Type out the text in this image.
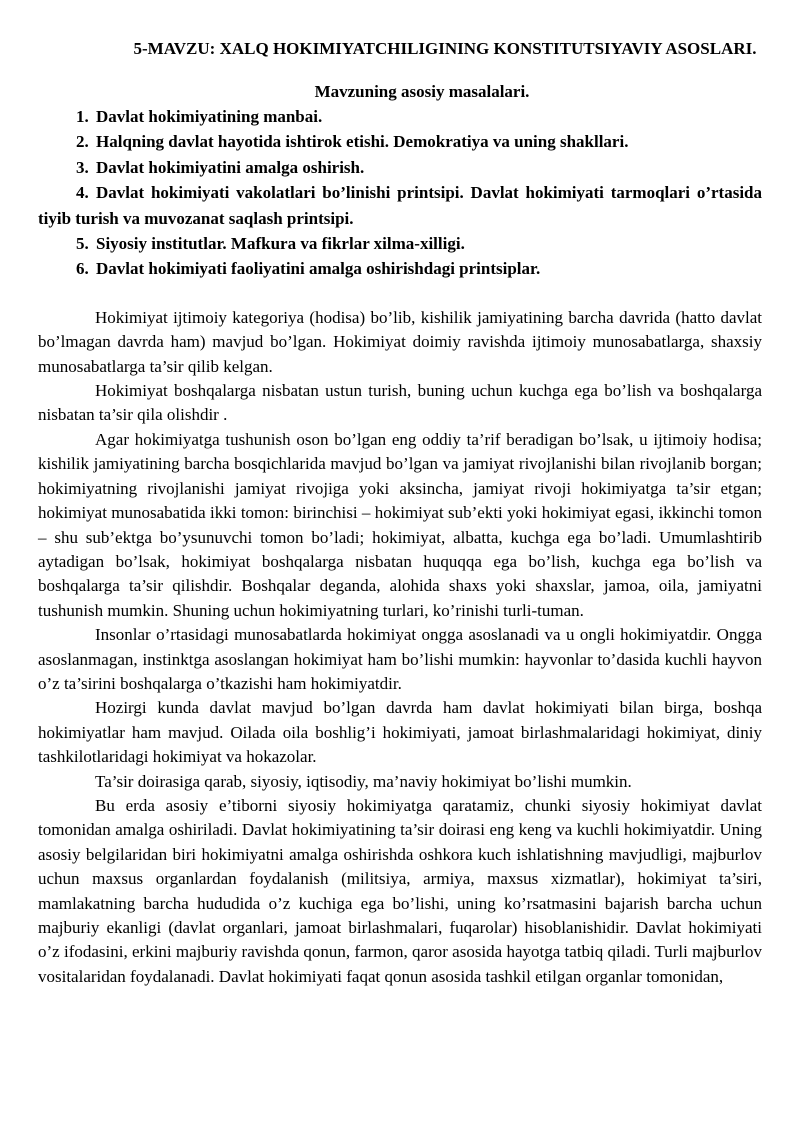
5-MAVZU: XALQ HOKIMIYATCHILIGINING KONSTITUTSIYAVIY ASOSLARI.
Mavzuning asosiy masalalari.
1. Davlat hokimiyatining manbai.
2. Halqning davlat hayotida ishtirok etishi. Demokratiya va uning shakllari.
3. Davlat hokimiyatini amalga oshirish.
4. Davlat hokimiyati vakolatlari bo’linishi printsipi. Davlat hokimiyati tarmoqlari o’rtasida tiyib turish va muvozanat saqlash printsipi.
5. Siyosiy institutlar. Mafkura va fikrlar xilma-xilligi.
6. Davlat hokimiyati faoliyatini amalga oshirishdagi printsiplar.

Hokimiyat ijtimoiy kategoriya (hodisa) bo’lib, kishilik jamiyatining barcha davrida (hatto davlat bo’lmagan davrda ham) mavjud bo’lgan. Hokimiyat doimiy ravishda ijtimoiy munosabatlarga, shaxsiy munosabatlarga ta’sir qilib kelgan.

Hokimiyat boshqalarga nisbatan ustun turish, buning uchun kuchga ega bo’lish va boshqalarga nisbatan ta’sir qila olishdir .

Agar hokimiyatga tushunish oson bo’lgan eng oddiy ta’rif beradigan bo’lsak, u ijtimoiy hodisa; kishilik jamiyatining barcha bosqichlarida mavjud bo’lgan va jamiyat rivojlanishi bilan rivojlanib borgan; hokimiyatning rivojlanishi jamiyat rivojiga yoki aksincha, jamiyat rivoji hokimiyatga ta’sir etgan; hokimiyat munosabatida ikki tomon: birinchisi – hokimiyat sub’ekti yoki hokimiyat egasi, ikkinchi tomon – shu sub’ektga bo’ysunuvchi tomon bo’ladi; hokimiyat, albatta, kuchga ega bo’ladi. Umumlashtirib aytadigan bo’lsak, hokimiyat boshqalarga nisbatan huquqqa ega bo’lish, kuchga ega bo’lish va boshqalarga ta’sir qilishdir. Boshqalar deganda, alohida shaxs yoki shaxslar, jamoa, oila, jamiyatni tushunish mumkin. Shuning uchun hokimiyatning turlari, ko’rinishi turli-tuman.

Insonlar o’rtasidagi munosabatlarda hokimiyat ongga asoslanadi va u ongli hokimiyatdir. Ongga asoslanmagan, instinktga asoslangan hokimiyat ham bo’lishi mumkin: hayvonlar to’dasida kuchli hayvon o’z ta’sirini boshqalarga o’tkazishi ham hokimiyatdir.

Hozirgi kunda davlat mavjud bo’lgan davrda ham davlat hokimiyati bilan birga, boshqa hokimiyatlar ham mavjud. Oilada oila boshlig’i hokimiyati, jamoat birlashmalaridagi hokimiyat, diniy tashkilotlaridagi hokimiyat va hokazolar.

Ta’sir doirasiga qarab, siyosiy, iqtisodiy, ma’naviy hokimiyat bo’lishi mumkin.

Bu erda asosiy e’tiborni siyosiy hokimiyatga qaratamiz, chunki siyosiy hokimiyat davlat tomonidan amalga oshiriladi. Davlat hokimiyatining ta’sir doirasi eng keng va kuchli hokimiyatdir. Uning asosiy belgilaridan biri hokimiyatni amalga oshirishda oshkora kuch ishlatishning mavjudligi, majburlov uchun maxsus organlardan foydalanish (militsiya, armiya, maxsus xizmatlar), hokimiyat ta’siri, mamlakatning barcha hududida o’z kuchiga ega bo’lishi, uning ko’rsatmasini bajarish barcha uchun majburiy ekanligi (davlat organlari, jamoat birlashmalari, fuqarolar) hisoblanishidir. Davlat hokimiyati o’z ifodasini, erkini majburiy ravishda qonun, farmon, qaror asosida hayotga tatbiq qiladi. Turli majburlov vositalaridan foydalanadi. Davlat hokimiyati faqat qonun asosida tashkil etilgan organlar tomonidan,
